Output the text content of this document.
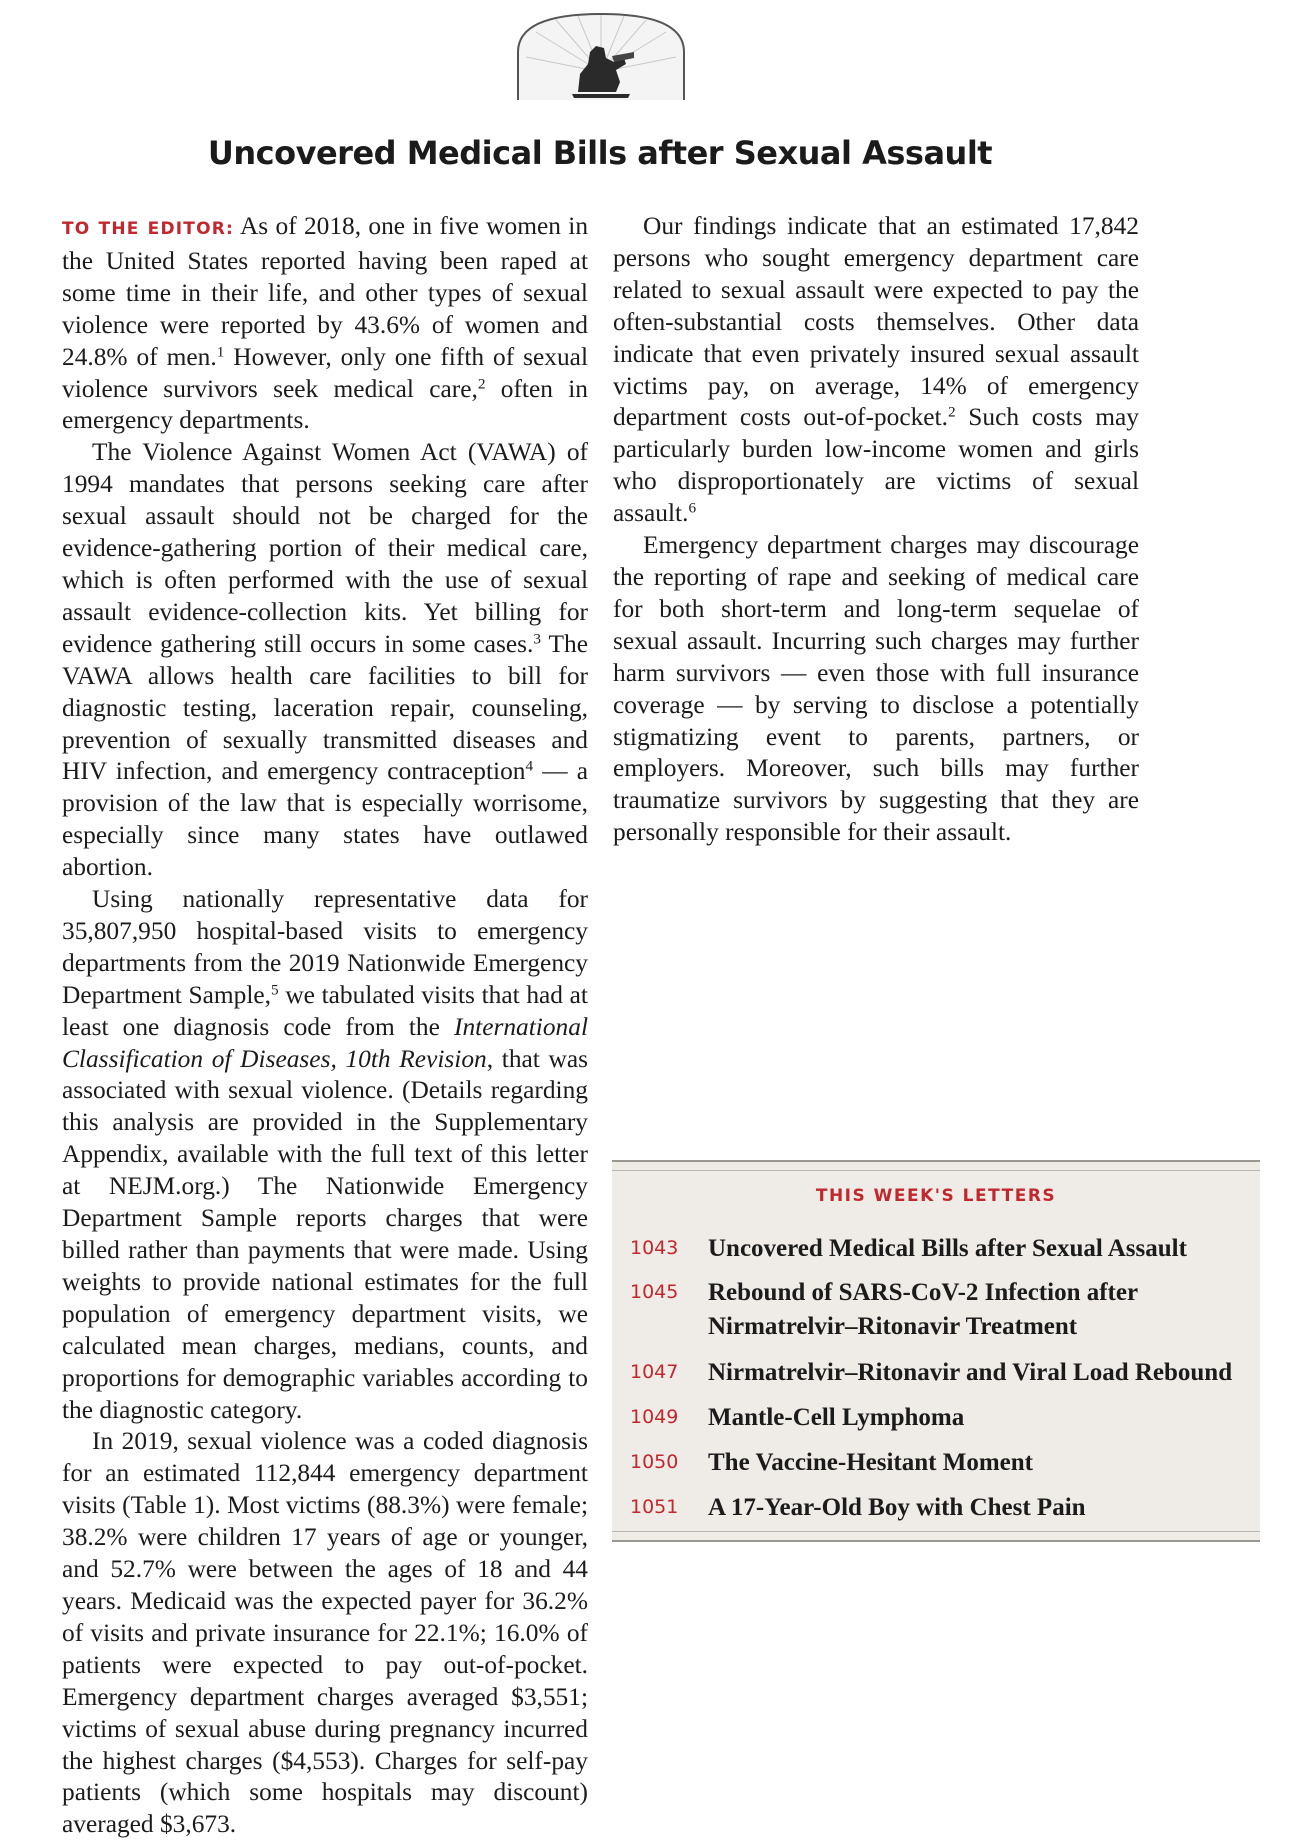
Uncovered Medical Bills after Sexual Assault

TO THE EDITOR: As of 2018, one in five women in the United States reported having been raped at some time in their life, and other types of sexual violence were reported by 43.6% of women and 24.8% of men.$^1$ However, only one fifth of sexual violence survivors seek medical care,$^2$ often in emergency departments.

The Violence Against Women Act (VAWA) of 1994 mandates that persons seeking care after sexual assault should not be charged for the evidence-gathering portion of their medical care, which is often performed with the use of sexual assault evidence-collection kits. Yet billing for evidence gathering still occurs in some cases.$^3$ The VAWA allows health care facilities to bill for diagnostic testing, laceration repair, counseling, prevention of sexually transmitted diseases and HIV infection, and emergency contraception$^4$ — a provision of the law that is especially worrisome, especially since many states have outlawed abortion.

Using nationally representative data for 35,807,950 hospital-based visits to emergency departments from the 2019 Nationwide Emergency Department Sample,$^5$ we tabulated visits that had at least one diagnosis code from the International Classification of Diseases, 10th Revision, that was associated with sexual violence. (Details regarding this analysis are provided in the Supplementary Appendix, available with the full text of this letter at NEJM.org.) The Nationwide Emergency Department Sample reports charges that were billed rather than payments that were made. Using weights to provide national estimates for the full population of emergency department visits, we calculated mean charges, medians, counts, and proportions for demographic variables according to the diagnostic category.

In 2019, sexual violence was a coded diagnosis for an estimated 112,844 emergency department visits (Table 1). Most victims (88.3%) were female; 38.2% were children 17 years of age or younger, and 52.7% were between the ages of 18 and 44 years. Medicaid was the expected payer for 36.2% of visits and private insurance for 22.1%; 16.0% of patients were expected to pay out-of-pocket. Emergency department charges averaged $3,551; victims of sexual abuse during pregnancy incurred the highest charges ($4,553). Charges for self-pay patients (which some hospitals may discount) averaged $3,673.

Our findings indicate that an estimated 17,842 persons who sought emergency department care related to sexual assault were expected to pay the often-substantial costs themselves. Other data indicate that even privately insured sexual assault victims pay, on average, 14% of emergency department costs out-of-pocket.$^2$ Such costs may particularly burden low-income women and girls who disproportionately are victims of sexual assault.$^6$

Emergency department charges may discourage the reporting of rape and seeking of medical care for both short-term and long-term sequelae of sexual assault. Incurring such charges may further harm survivors — even those with full insurance coverage — by serving to disclose a potentially stigmatizing event to parents, partners, or employers. Moreover, such bills may further traumatize survivors by suggesting that they are personally responsible for their assault.

THIS WEEK'S LETTERS
1043	Uncovered Medical Bills after Sexual Assault
1045	Rebound of SARS-CoV-2 Infection after Nirmatrelvir–Ritonavir Treatment
1047	Nirmatrelvir–Ritonavir and Viral Load Rebound
1049	Mantle-Cell Lymphoma
1050	The Vaccine-Hesitant Moment
1051	A 17-Year-Old Boy with Chest Pain
